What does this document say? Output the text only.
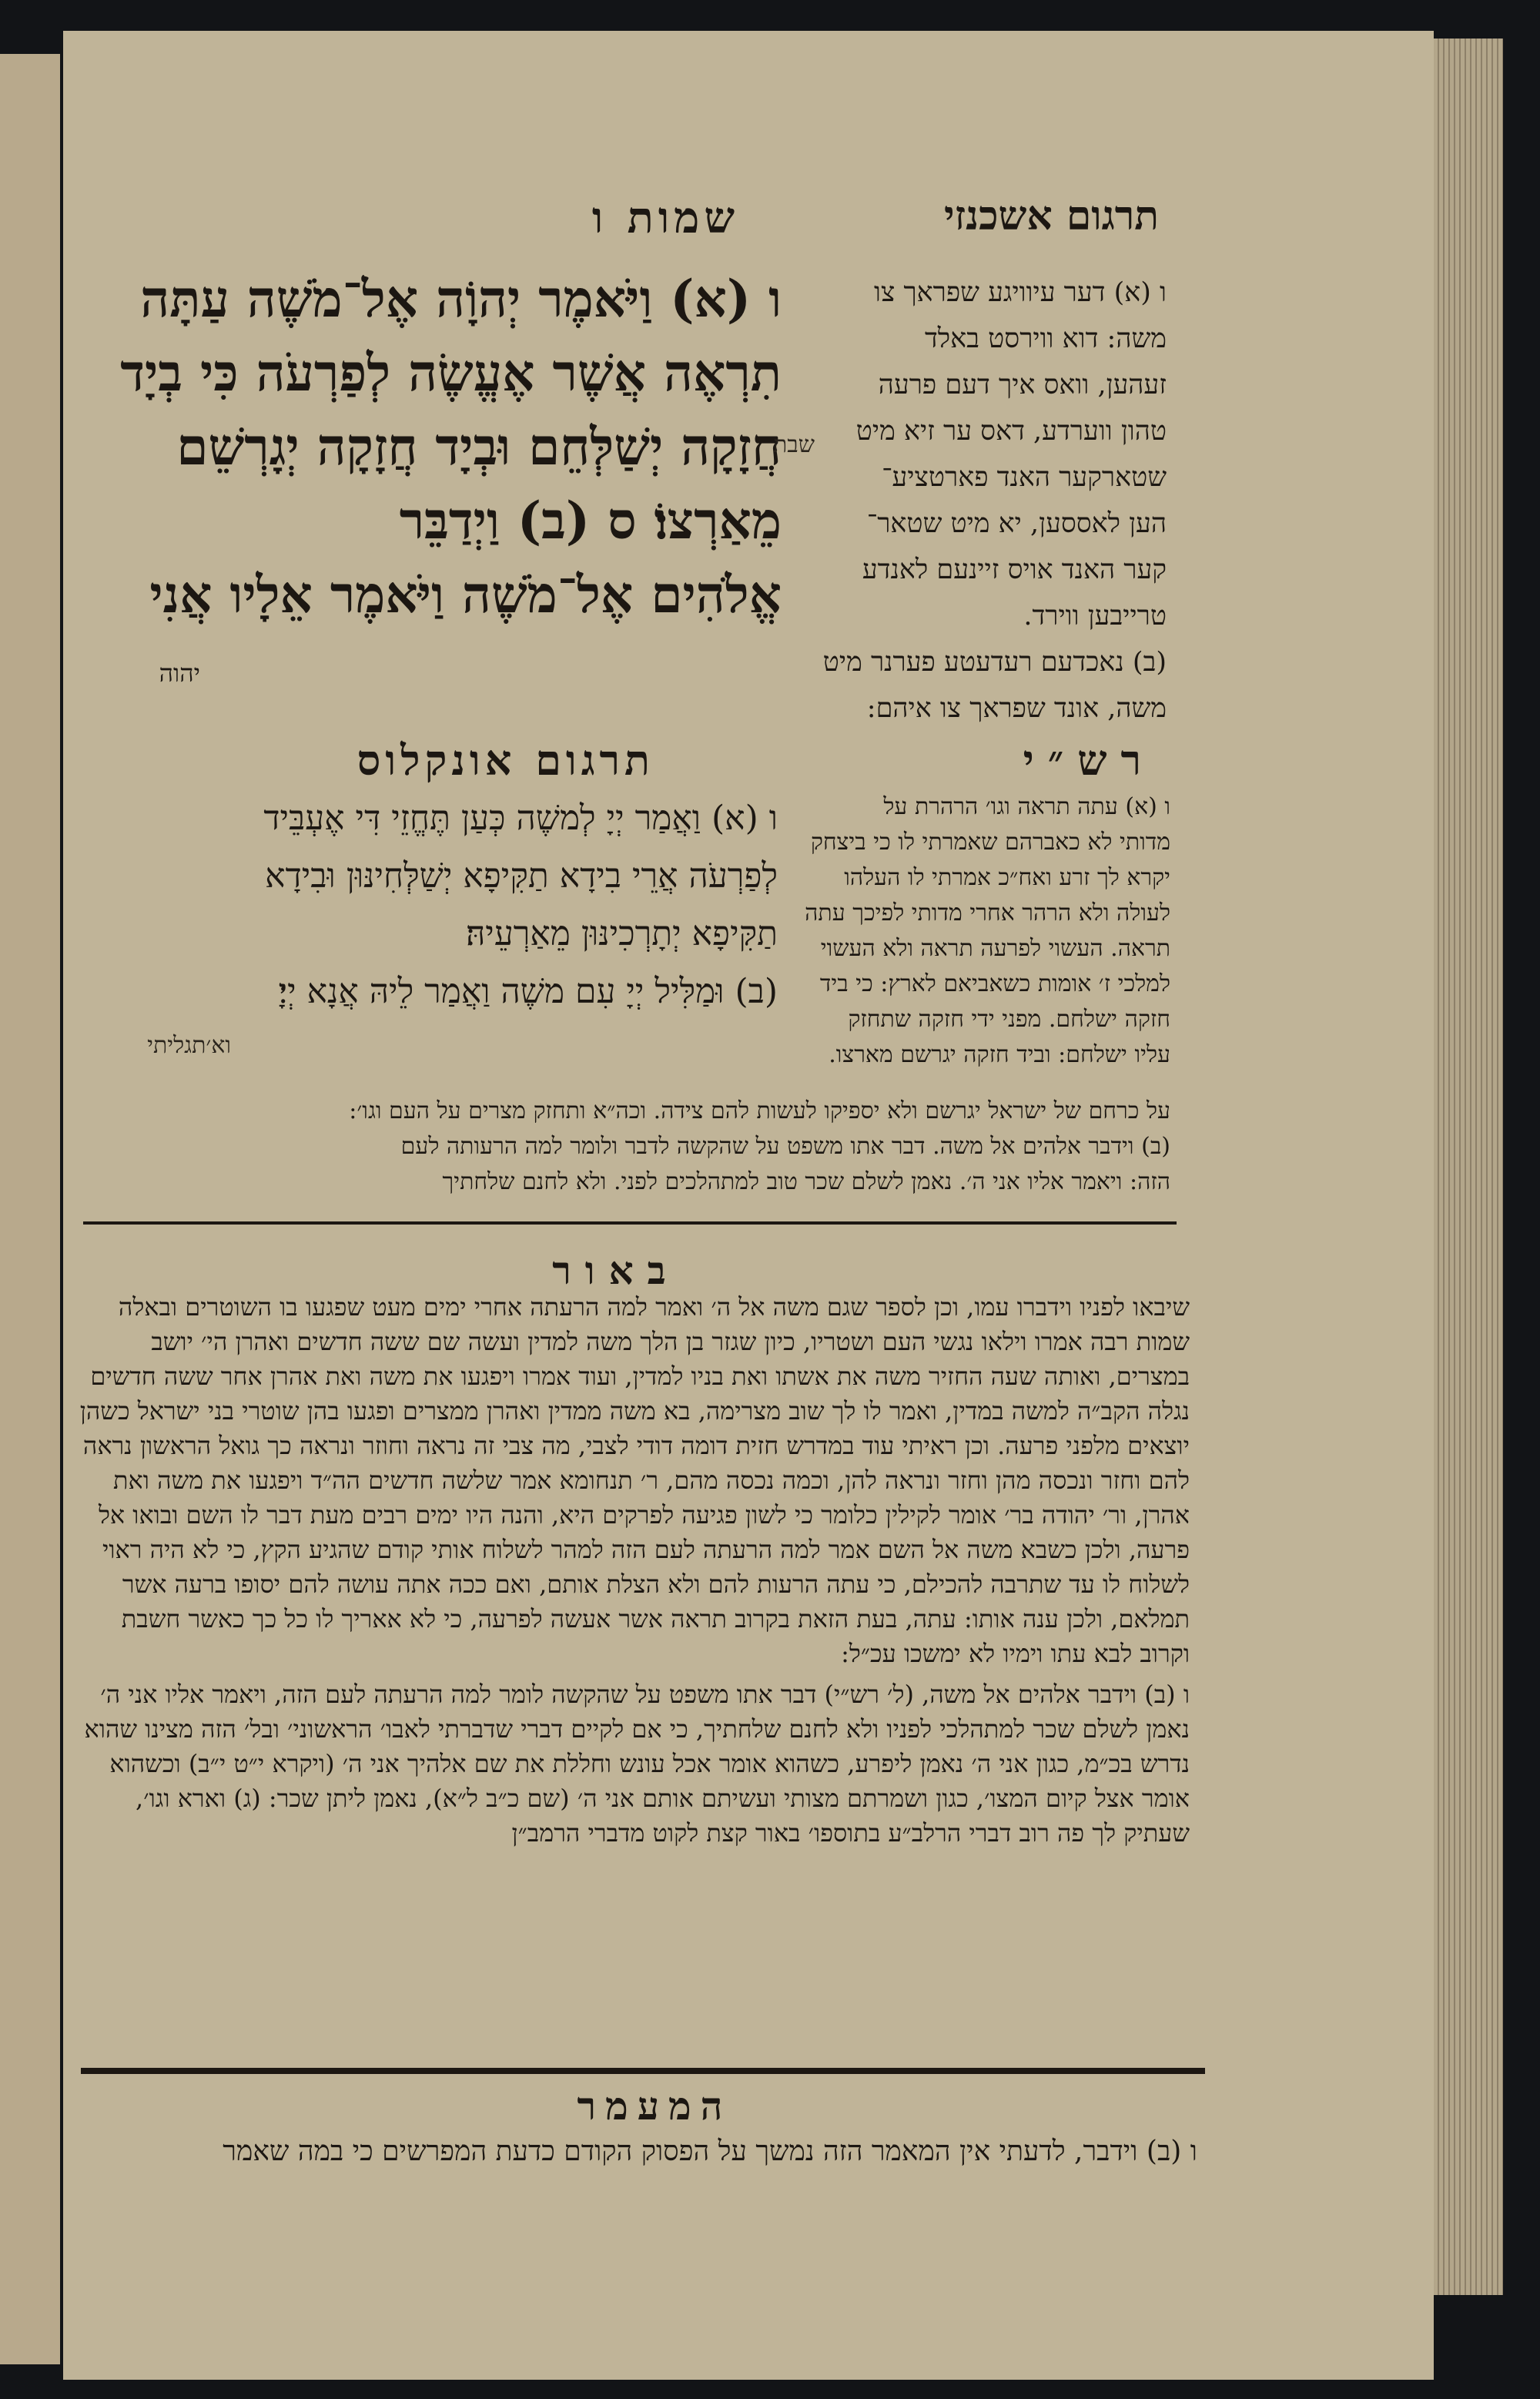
תרגום אשכנזי
שמות ו
ו (א) וַיֹּאמֶר יְהוָֹה אֶל־מֹשֶׁה עַתָּה
תִרְאֶה אֲשֶׁר אֶעֱשֶׂה לְפַרְעֹה כִּי בְיָד
חֲזָקָה יְשַׁלְּחֵם וּבְיָד חֲזָקָה יְגָרְשֵׁם
מֵאַרְצוֹ׃ ס (ב) וַיְדַבֵּר
אֱלֹהִים אֶל־מֹשֶׁה וַיֹּאמֶר אֵלָיו אֲנִי
שבת
ו (א) דער עיוויגע שפראך צו
משה: דוא ווירסט באלד
זעהען, וואס איך דעם פרעה
טהון ווערדע, דאס ער זיא מיט
שטארקער האנד פארטציע־
הען לאססען, יא מיט שטאר־
קער האנד אויס זיינעם לאנדע
טרייבען ווירד.
(ב) נאכדעם רעדעטע פערנר מיט
משה, אונד שפראך צו איהם:
יהוה
רש״י
תרגום אונקלוס
ו (א) וַאֲמַר יְיָ לְמשֶׁה כְּעַן תֶּחֱזֵי דִּי אֶעְבֵּיד
לְפַרְעֹה אֲרֵי בִידָא תַקִּיפָא יְשַׁלְּחִינּוּן וּבִידָא
תַקִּיפָא יְתָרְכִינּוּן מֵאַרְעֵיהּ׃
(ב) וּמַלִּיל יְיָ עִם משֶׁה וַאֲמַר לֵיהּ אֲנָא יְיָ׃
וא׳תגליתי
ו (א) עתה תראה וגו׳ הרהרת על
מדותי לא כאברהם שאמרתי לו כי ביצחק
יקרא לך זרע ואח״כ אמרתי לו העלהו
לעולה ולא הרהר אחרי מדותי לפיכך עתה
תראה. העשוי לפרעה תראה ולא העשוי
למלכי ז׳ אומות כשאביאם לארץ: כי ביד
חזקה ישלחם. מפני ידי חזקה שתחזק
עליו ישלחם: וביד חזקה יגרשם מארצו.
על כרחם של ישראל יגרשם ולא יספיקו לעשות להם צידה. וכה״א ותחזק מצרים על העם וגו׳:
(ב) וידבר אלהים אל משה. דבר אתו משפט על שהקשה לדבר ולומר למה הרעותה לעם
הזה: ויאמר אליו אני ה׳. נאמן לשלם שכר טוב למתהלכים לפני. ולא לחנם שלחתיך
באור

שיבאו לפניו וידברו עמו, וכן לספר שגם משה אל ה׳ ואמר למה הרעתה אחרי ימים מעט שפגעו בו השוטרים ובאלה שמות רבה אמרו וילאו נגשי העם ושטריו, כיון שגזר בן הלך משה למדין ועשה שם ששה חדשים ואהרן הי׳ יושב במצרים, ואותה שעה החזיר משה את אשתו ואת בניו למדין, ועוד אמרו ויפגעו את משה ואת אהרן אחר ששה חדשים נגלה הקב״ה למשה במדין, ואמר לו לך שוב מצרימה, בא משה ממדין ואהרן ממצרים ופגעו בהן שוטרי בני ישראל כשהן יוצאים מלפני פרעה. וכן ראיתי עוד במדרש חזית דומה דודי לצבי, מה צבי זה נראה וחוזר ונראה כך גואל הראשון נראה להם וחזר ונכסה מהן וחזר ונראה להן, וכמה נכסה מהם, ר׳ תנחומא אמר שלשה חדשים הה״ד ויפגעו את משה ואת אהרן, ור׳ יהודה בר׳ אומר לקילין כלומר כי לשון פגיעה לפרקים היא, והנה היו ימים רבים מעת דבר לו השם ובואו אל פרעה, ולכן כשבא משה אל השם אמר למה הרעתה לעם הזה למהר לשלוח אותי קודם שהגיע הקץ, כי לא היה ראוי לשלוח לו עד שתרבה להכילם, כי עתה הרעות להם ולא הצלת אותם, ואם ככה אתה עושה להם יסופו ברעה אשר תמלאם, ולכן ענה אותו: עתה, בעת הזאת בקרוב תראה אשר אעשה לפרעה, כי לא אאריך לו כל כך כאשר חשבת וקרוב לבא עתו וימיו לא ימשכו עכ״ל:

ו (ב) וידבר אלהים אל משה, (ל׳ רש״י) דבר אתו משפט על שהקשה לומר למה הרעתה לעם הזה, ויאמר אליו אני ה׳ נאמן לשלם שכר למתהלכי לפניו ולא לחנם שלחתיך, כי אם לקיים דברי שדברתי לאבו׳ הראשוני׳ ובל׳ הזה מצינו שהוא נדרש בכ״מ, כגון אני ה׳ נאמן ליפרע, כשהוא אומר אכל עונש וחללת את שם אלהיך אני ה׳ (ויקרא י״ט י״ב) וכשהוא אומר אצל קיום המצו׳, כגון ושמרתם מצותי ועשיתם אותם אני ה׳ (שם כ״ב ל״א), נאמן ליתן שכר: (ג) וארא וגו׳, שעתיק לך פה רוב דברי הרלב״ע בתוספו׳ באור קצת לקוט מדברי הרמב״ן

המעמר
ו (ב) וידבר, לדעתי אין המאמר הזה נמשך על הפסוק הקודם כדעת המפרשים כי במה שאמר
